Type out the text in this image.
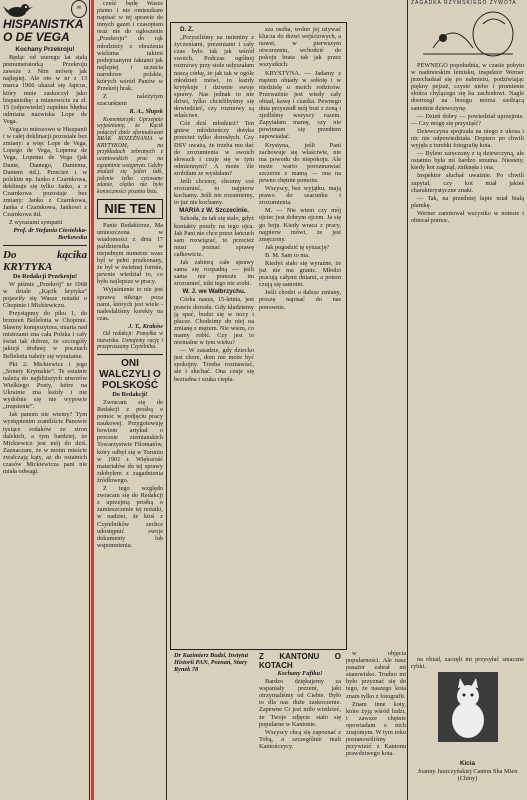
✉
HISPANISTKA O DE VEGA

Kochany Przekroju!

Będąc od szeregu lat stałą prenumeratorką Przekroju zawsze z Nim mówię jak najlepiej. Ale oto w nr z 13 marca 1966 ukazał się Japcus, który mnie zaskoczył jako hispanistkę: a mianowicie za zł. 15 (odpowiedzi) zupełnie błędna odmiana nazwiska Lope de Vega.

Vega to mieszowo w Hiszpanii i w całej deklinacji pozostałe bez zmiany: a więc Lope de Vega, Lopego de Vega, Lopema de Vega, Lopemu de Vega (jak Dante, Dantego, Dantemu, Dantem itd.). Przecież i w polskim np. Janko z Czarnkowa, deklinuje się tylko Janko, a z Czarnkowa pozostaje bez zmiany: Janko z Czarnkowa, Janka z Czarnkowa, Jankowi z Czarnkowa itd.

Z wyrazami sympatii

Prof. dr Stefania Ciesielska-Borkowska

Do kącika KRYTYKA

Do Redakcji Przekroju!

W piśmie „Przekrój” nr 1068 w dziale „Kącik krytyka” pojawiły się Wasze notatki o Chopinie i Mickiewiczu.

Przystąpmy do piku 1, do brzmień Bellelotta w Chopinie. Sławny kompozytora, miarta nad mistrzami zna cała Polska i cały świat tak dobrze, że szczegóły jakiejś drobnej w pocztach Bellelotta należy się wyrażanie.

Pkt 2: Mickiewicz i jego „Sonety Krymskie”. Te ostatnie należą do najbliższych utworów Wielkiego Poety, które na Ukrainie zna każdy i nie wydolnie się nie wypowie „trzęsienie”.

Jak panom nie wiemy? Tym występienim zraniliście Panowie tysiące rodaków ze stron dalekich, a tym bardziej, że Mickiewicz jest mój do dziś. Zaznaczam, że w moim mieście zwalczają kąty, aż do ostatnich czasów Mickiewicza pani nie miała odwagi.

cześć będę Wasze pismo i nie omieszkam napisać w tej sprawie do innych gazet i czasopism oraz nie do ogłoszenie „Przekroju” do rąk młodzieży z obrażenia wieloma takimi podejrzanymi faktami jak najlepiej i uczucia narodowe polskie, których wśród Panów w Przekrój brak.

Z należytym szacunkiem

R. A., Słupsk

Komentarzyk: Uprzejmie wyjaśniamy, że Kącik połączył zbiór sformułowań BRAK ROZEZNANIA w KRYTYKOM, na przykładach zebranych z uczniowskich prac na egzaminie wstępnym. Gdyby znalazł się jeden taki, jedynie tylko cytowane zdanie, ciężko nie było konieczności pisania listu.

NIE TEN

Panie Redaktorze, Ma umieszczona w wiadomości z dnia 17 października w niejednym numerze wasz był w pełni przekonany, że był w świetnej formie, pewnie wiedział to, co było najlepsze w pracy.

Wyjaśnienie to nie jest sprawą nikogo poza nami, których jest wiele - nadesłaliśmy korekty na czas.

J. T., Kraków

Od redakcji: Pomyłka w nazwisku. Uznajemy rację i przepraszamy Czytelnika.

ONI WALCZYLI O POLSKOŚĆ

Do Redakcji!

Zwracam się do Redakcji z prośbą o pomoc w podjęciu pracy naukowej. Przygotowuję bowiem artykuł o procesie ziemianskich Towarzystwie Filomatów, który odbył się w Toruniu w 1901 r. Większość materiałów do tej sprawy zdobyłem z zagadnienia źródłowego.

Z tego względu zwracam się do Redakcji z uprzejmą prośbą o zamieszczenie tej notatki, w nadziei, że ktoś z Czytelników zechce udostępnić swoje dokumenty lub wspomnienia.

D. Z.

„Przyszliśmy na imieniny z życzeniami, prezentami i cały czas było tak jak wśród swoich. Podczas ogólnej rozmowy przy stole usłyszałam naszą córkę, że jak tak w ogóle młodzież mówi, to każdy krytykuje i dziwnie swoje sprawy. Nas jednak to nie dziwi, tylko chcielibyśmy się dowiedzieć, czy rozmowy są właściwe.

Cóż dziś młodzież? Ten gniew młodzieńczy dotyka przecież tylko dorosłych. Czy DSV uważa, że trzeba mu dać do zrozumienia w swoich słowach i czuje się w tym odmiennym? A może źle zrobiłam ze wysłałam?

Jeśli chcemy, chcemy coś zrozumieć, to najpierw kochamy. Jeśli nie rozumiemy, to już nie kochamy.

MARIA z W. Szczecinie.

Szkoda, że tak się stało, gdyż kontakty poszły na tego ojca. Jak Pani nie chce przez łańcuch sam rozwiązać, to przecież musi poznać sprawę całkowicie.

Jak zabiorą całe sprawy sama się rozpadną — jeśli sama nie pomoże im zrozumieć, nikt tego nie zrobi.

W. J. we Wałbrzychu.

Córka nasza, 15-letnia, jest prawie dorosła. Gdy kładziemy ją spać, budzi się w nocy i płacze. Chodzimy do niej na zmianę z mężem. Nie wiem, co mamy robić. Czy jest to normalne w tym wieku?

— W zasadzie, gdy dziecko jest chore, dom nie może być spokojny. Trzeba rozmawiać, ale i słuchać. Ona czuje się bezradna i szuka ciepła.

sza osoba, wolno jej używać klucza do drzwi wejściowych, a nawet, w pierwszym otworzeniu, wchodzić do pokoju brata tak jak przez wszystkich.

KRYSTYNA. — Jadamy z mężem obiady w sobotę i w niedzielę u moich rodziców. Przeważnie jest wtedy cały obiad, kawę i ciastka. Pewnego dnia przyszedł mój brat z żoną i zjedliśmy wszyscy razem. Zapytałam mamę, czy nie powinnam się przedtem zapowiadać.

Krystyna, jeśli Pani zachowuje się właściwie, nie ma powodu do niepokoju. Ale może warto porozmawiać szczerze z mamą — ona na pewno chętnie pomoże.

Wszyscy, bez wyjątku, mają prawo do szacunku i zrozumienia.

M. — Nie wiem czy mój ojciec jest dobrym ojcem. Ja się go boję. Kiedy wraca z pracy, najpierw mówi, że jest zmęczony.

Jak pogodzić tę sytuację?

B. M. Sam to ma.

Kiedyś stało się wyraźne, że już nie ma granic. Młodzi pracują całymi dniami, a potem czują się samotni.

Jeśli chodzi o dalsze zmiany, proszę napisać do nas ponownie.

Dr Kazimierz Budzi, Instytut Historii PAN, Poznań, Stary Rynek 78

Z KANTONU O KOTACH

Kochany Fafiku!

Bardzo dziękujemy za wspaniały prezent, jaki otrzymaliśmy od Ciebie. Było to dla nas duże zaskoczenie. Zapewne Ci jest miło wiedzieć, że Twoje zdjęcie stało się popularne w Kantonie.

Wszyscy chcą się zapoznać z Tobą, a szczególnie mali Kantończycy.

w objęcia popularności. Ale nasz pasażer zabrał mi stanowisko. Trudno mi było przyznać się do tego, że naszego kota znam tylko z fotografii.

Znam inne koty, które żyją wśród ludzi, i zawsze chętnie opowiadam o nich znajomym. W tym roku postanowiliśmy przywieźć z Kantonu prawdziwego kota.

ZAGADKA RZYMSKIEGO ŻYWOTA

PEWNEGO popołudnia, w czasie pobytu w nadmorskim letnisku, inspektor Werner przechadzał się po nabrzeżu, podziwiając piękny pejzaż, czyste niebo i promienie słońca chylącego się ku zachodowi. Nagle dostrzegł na brzegu morza siedzącą samotnie dziewczynę.

— Dzień dobry — powiedział uprzejmie. — Czy mogę się przysiąść?

Dziewczyna spojrzała na niego z ukosa i nic nie odpowiedziała. Dopiero po chwili wyjęła z torebki fotografię kota.

— Bylem zaręczony z tą dziewczyną, ale ostatnio była mi bardzo smutna. Niestety, kiedy kot zaginął, zniknęła i ona.

Inspektor słuchał uważnie. Po chwili zapytał, czy kot miał jakieś charakterystyczne znaki.

— Tak, na przedniej łapie miał białą plamkę.

Werner zanotował wszystko w notesie i obiecał pomoc.

na obiad, zaczęli mi przysyłać smaczne rybki.

Kicia

Joanny Juszczyńskiej Canton Sha Mien (Chiny)
